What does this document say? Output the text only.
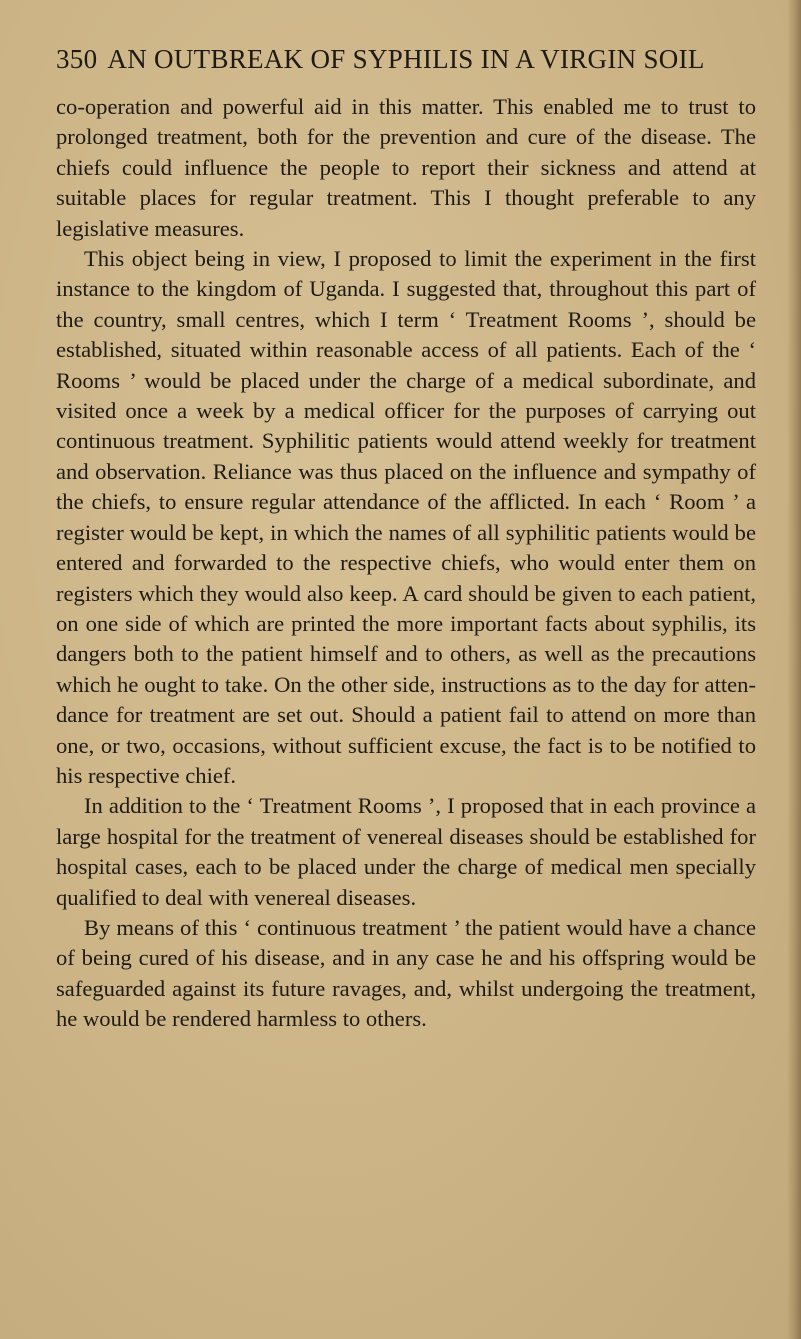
350 AN OUTBREAK OF SYPHILIS IN A VIRGIN SOIL

co-operation and powerful aid in this matter. This enabled me to trust to prolonged treatment, both for the prevention and cure of the disease. The chiefs could influence the people to report their sickness and attend at suitable places for regular treatment. This I thought preferable to any legislative measures.

This object being in view, I proposed to limit the experiment in the first instance to the kingdom of Uganda. I suggested that, throughout this part of the country, small centres, which I term ‘ Treatment Rooms ’, should be established, situated within reasonable access of all patients. Each of the ‘ Rooms ’ would be placed under the charge of a medical subordinate, and visited once a week by a medical officer for the purposes of carrying out continuous treatment. Syphilitic patients would attend weekly for treatment and observation. Reliance was thus placed on the influence and sympathy of the chiefs, to ensure regular attendance of the afflicted. In each ‘ Room ’ a register would be kept, in which the names of all syphilitic patients would be entered and forwarded to the respective chiefs, who would enter them on registers which they would also keep. A card should be given to each patient, on one side of which are printed the more important facts about syphilis, its dangers both to the patient himself and to others, as well as the precautions which he ought to take. On the other side, instructions as to the day for atten- dance for treatment are set out. Should a patient fail to attend on more than one, or two, occasions, without sufficient excuse, the fact is to be notified to his respective chief.

In addition to the ‘ Treatment Rooms ’, I proposed that in each province a large hospital for the treatment of venereal diseases should be established for hospital cases, each to be placed under the charge of medical men specially qualified to deal with venereal diseases.

By means of this ‘ continuous treatment ’ the patient would have a chance of being cured of his disease, and in any case he and his offspring would be safeguarded against its future ravages, and, whilst undergoing the treatment, he would be rendered harmless to others.
